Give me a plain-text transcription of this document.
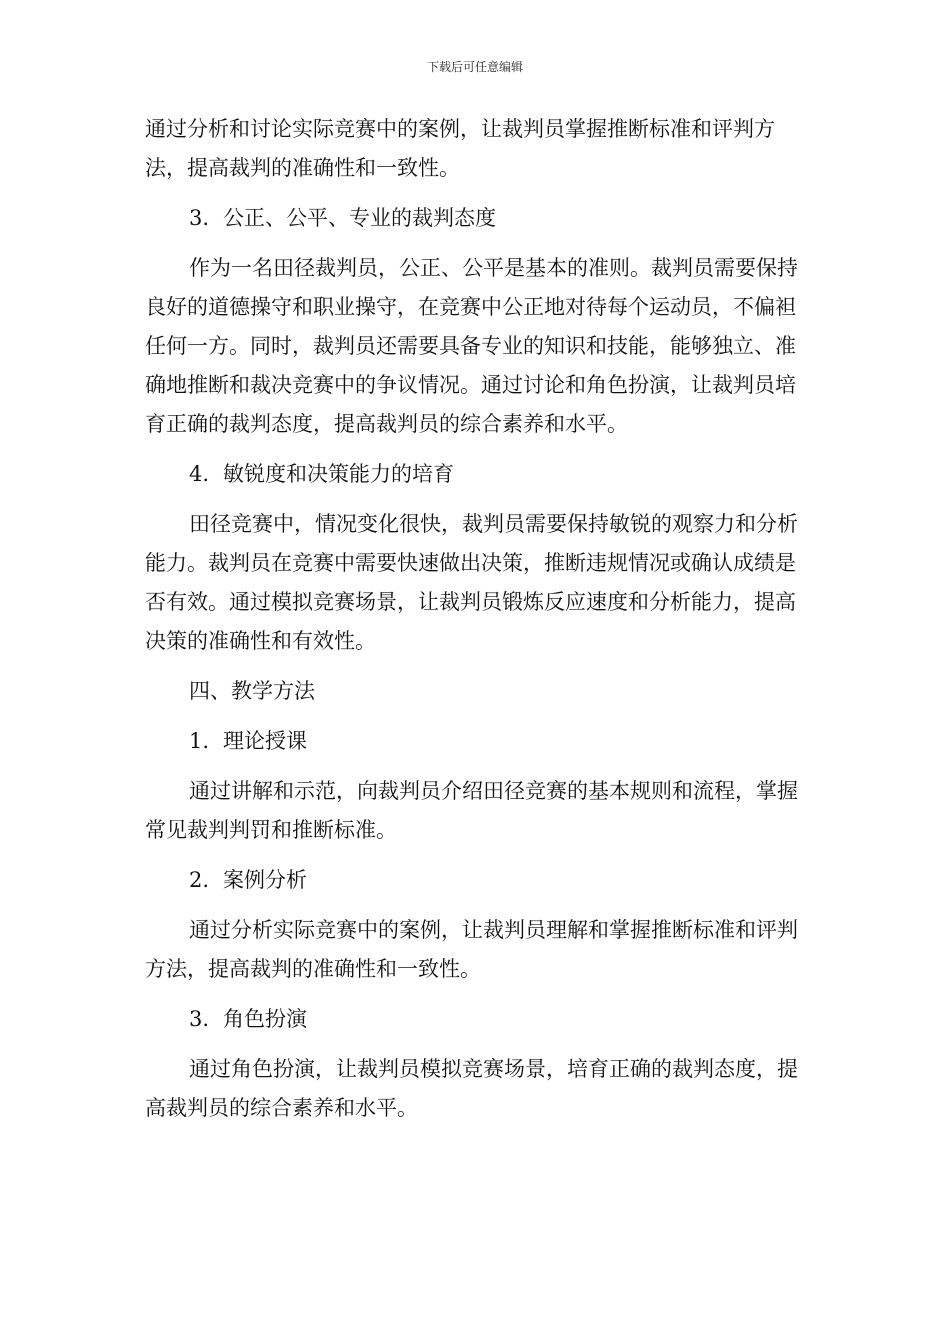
下载后可任意编辑

通过分析和讨论实际竞赛中的案例，让裁判员掌握推断标准和评判方法，提高裁判的准确性和一致性。

3. 公正、公平、专业的裁判态度

作为一名田径裁判员，公正、公平是基本的准则。裁判员需要保持良好的道德操守和职业操守，在竞赛中公正地对待每个运动员，不偏袒任何一方。同时，裁判员还需要具备专业的知识和技能，能够独立、准确地推断和裁决竞赛中的争议情况。通过讨论和角色扮演，让裁判员培育正确的裁判态度，提高裁判员的综合素养和水平。

4. 敏锐度和决策能力的培育

田径竞赛中，情况变化很快，裁判员需要保持敏锐的观察力和分析能力。裁判员在竞赛中需要快速做出决策，推断违规情况或确认成绩是否有效。通过模拟竞赛场景，让裁判员锻炼反应速度和分析能力，提高决策的准确性和有效性。

四、教学方法

1. 理论授课

通过讲解和示范，向裁判员介绍田径竞赛的基本规则和流程，掌握常见裁判判罚和推断标准。

2. 案例分析

通过分析实际竞赛中的案例，让裁判员理解和掌握推断标准和评判方法，提高裁判的准确性和一致性。

3. 角色扮演

通过角色扮演，让裁判员模拟竞赛场景，培育正确的裁判态度，提高裁判员的综合素养和水平。
